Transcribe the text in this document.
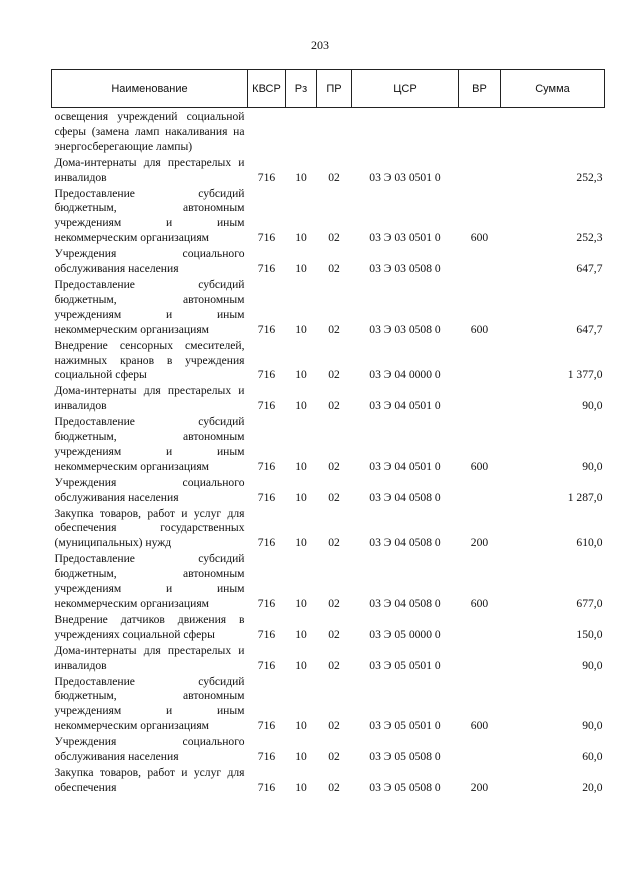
203
Наименование	КВСР	Рз	ПР	ЦСР	ВР	Сумма
освещения учреждений социальной сферы (замена ламп накаливания на энергосберегающие лампы)						
Дома-интернаты для престарелых и инвалидов	716	10	02	03 Э 03 0501 0		252,3
Предоставление субсидий бюджетным, автономным учреждениям и иным некоммерческим организациям	716	10	02	03 Э 03 0501 0	600	252,3
Учреждения социального обслуживания населения	716	10	02	03 Э 03 0508 0		647,7
Предоставление субсидий бюджетным, автономным учреждениям и иным некоммерческим организациям	716	10	02	03 Э 03 0508 0	600	647,7
Внедрение сенсорных смесителей, нажимных кранов в учреждения социальной сферы	716	10	02	03 Э 04 0000 0		1 377,0
Дома-интернаты для престарелых и инвалидов	716	10	02	03 Э 04 0501 0		90,0
Предоставление субсидий бюджетным, автономным учреждениям и иным некоммерческим организациям	716	10	02	03 Э 04 0501 0	600	90,0
Учреждения социального обслуживания населения	716	10	02	03 Э 04 0508 0		1 287,0
Закупка товаров, работ и услуг для обеспечения государственных (муниципальных) нужд	716	10	02	03 Э 04 0508 0	200	610,0
Предоставление субсидий бюджетным, автономным учреждениям и иным некоммерческим организациям	716	10	02	03 Э 04 0508 0	600	677,0
Внедрение датчиков движения в учреждениях социальной сферы	716	10	02	03 Э 05 0000 0		150,0
Дома-интернаты для престарелых и инвалидов	716	10	02	03 Э 05 0501 0		90,0
Предоставление субсидий бюджетным, автономным учреждениям и иным некоммерческим организациям	716	10	02	03 Э 05 0501 0	600	90,0
Учреждения социального обслуживания населения	716	10	02	03 Э 05 0508 0		60,0
Закупка товаров, работ и услуг для обеспечения	716	10	02	03 Э 05 0508 0	200	20,0
